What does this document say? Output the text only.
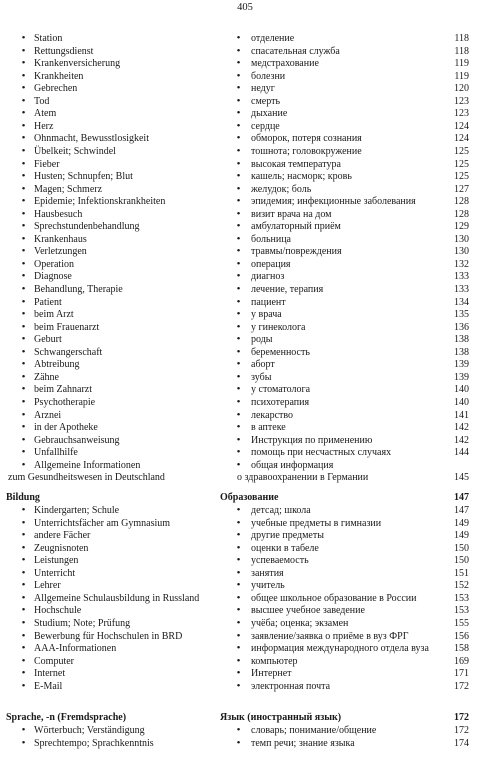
405
• Station	•	отделение	118
• Rettungsdienst	•	спасательная служба	118
• Krankenversicherung	•	медстрахование	119
• Krankheiten	•	болезни	119
• Gebrechen	•	недуг	120
• Tod	•	смерть	123
• Atem	•	дыхание	123
• Herz	•	сердце	124
• Ohnmacht, Bewusstlosigkeit	•	обморок, потеря сознания	124
• Übelkeit; Schwindel	•	тошнота; головокружение	125
• Fieber	•	высокая температура	125
• Husten; Schnupfen; Blut	•	кашель; насморк; кровь	125
• Magen; Schmerz	•	желудок; боль	127
• Epidemie; Infektionskrankheiten	•	эпидемия; инфекционные заболевания	128
• Hausbesuch	•	визит врача на дом	128
• Sprechstundenbehandlung	•	амбулаторный приём	129
• Krankenhaus	•	больница	130
• Verletzungen	•	травмы/повреждения	130
• Operation	•	операция	132
• Diagnose	•	диагноз	133
• Behandlung, Therapie	•	лечение, терапия	133
• Patient	•	пациент	134
• beim Arzt	•	у врача	135
• beim Frauenarzt	•	у гинеколога	136
• Geburt	•	роды	138
• Schwangerschaft	•	беременность	138
• Abtreibung	•	аборт	139
• Zähne	•	зубы	139
• beim Zahnarzt	•	у стоматолога	140
• Psychotherapie	•	психотерапия	140
• Arznei	•	лекарство	141
• in der Apotheke	•	в аптеке	142
• Gebrauchsanweisung	•	Инструкция по применению	142
• Unfallhilfe	•	помощь при несчастных случаях	144
• Allgemeine Informationen	•	общая информация
zum Gesundheitswesen in Deutschland	о здравоохранении в Германии	145
Bildung	Образование	147
• Kindergarten; Schule	•	детсад; школа	147
• Unterrichtsfächer am Gymnasium	•	учебные предметы в гимназии	149
• andere Fächer	•	другие предметы	149
• Zeugnisnoten	•	оценки в табеле	150
• Leistungen	•	успеваемость	150
• Unterricht	•	занятия	151
• Lehrer	•	учитель	152
• Allgemeine Schulausbildung in Russland	•	общее школьное образование в России	153
• Hochschule	•	высшее учебное заведение	153
• Studium; Note; Prüfung	•	учёба; оценка; экзамен	155
• Bewerbung für Hochschulen in BRD	•	заявление/заявка о приёме в вуз ФРГ	156
• AAA-Informationen	•	информация международного отдела вуза	158
• Computer	•	компьютер	169
• Internet	•	Интернет	171
• E-Mail	•	электронная почта	172
Sprache, -n (Fremdsprache)	Язык (иностранный язык)	172
• Wörterbuch; Verständigung	•	словарь; понимание/общение	172
• Sprechtempo; Sprachkenntnis	•	темп речи; знание языка	174
